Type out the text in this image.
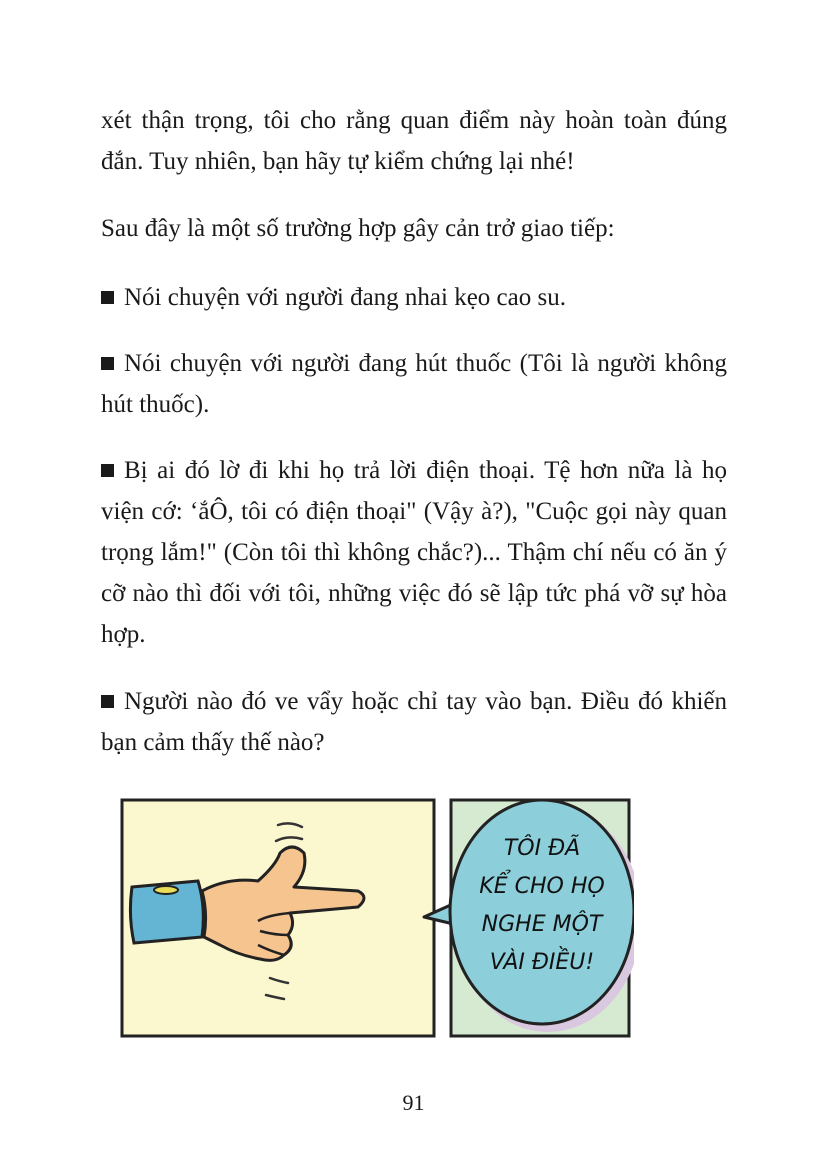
xét thận trọng, tôi cho rằng quan điểm này hoàn toàn đúng đắn. Tuy nhiên, bạn hãy tự kiểm chứng lại nhé!

Sau đây là một số trường hợp gây cản trở giao tiếp:

Nói chuyện với người đang nhai kẹo cao su.

Nói chuyện với người đang hút thuốc (Tôi là người không hút thuốc).

Bị ai đó lờ đi khi họ trả lời điện thoại. Tệ hơn nữa là họ viện cớ: ‘ắÔ, tôi có điện thoại" (Vậy à?), "Cuộc gọi này quan trọng lắm!" (Còn tôi thì không chắc?)... Thậm chí nếu có ăn ý cỡ nào thì đối với tôi, những việc đó sẽ lập tức phá vỡ sự hòa hợp.

Người nào đó ve vẩy hoặc chỉ tay vào bạn. Điều đó khiến bạn cảm thấy thế nào?

TÔI ĐÃ
KỂ CHO HỌ
NGHE MỘT
VÀI ĐIỀU!
91
